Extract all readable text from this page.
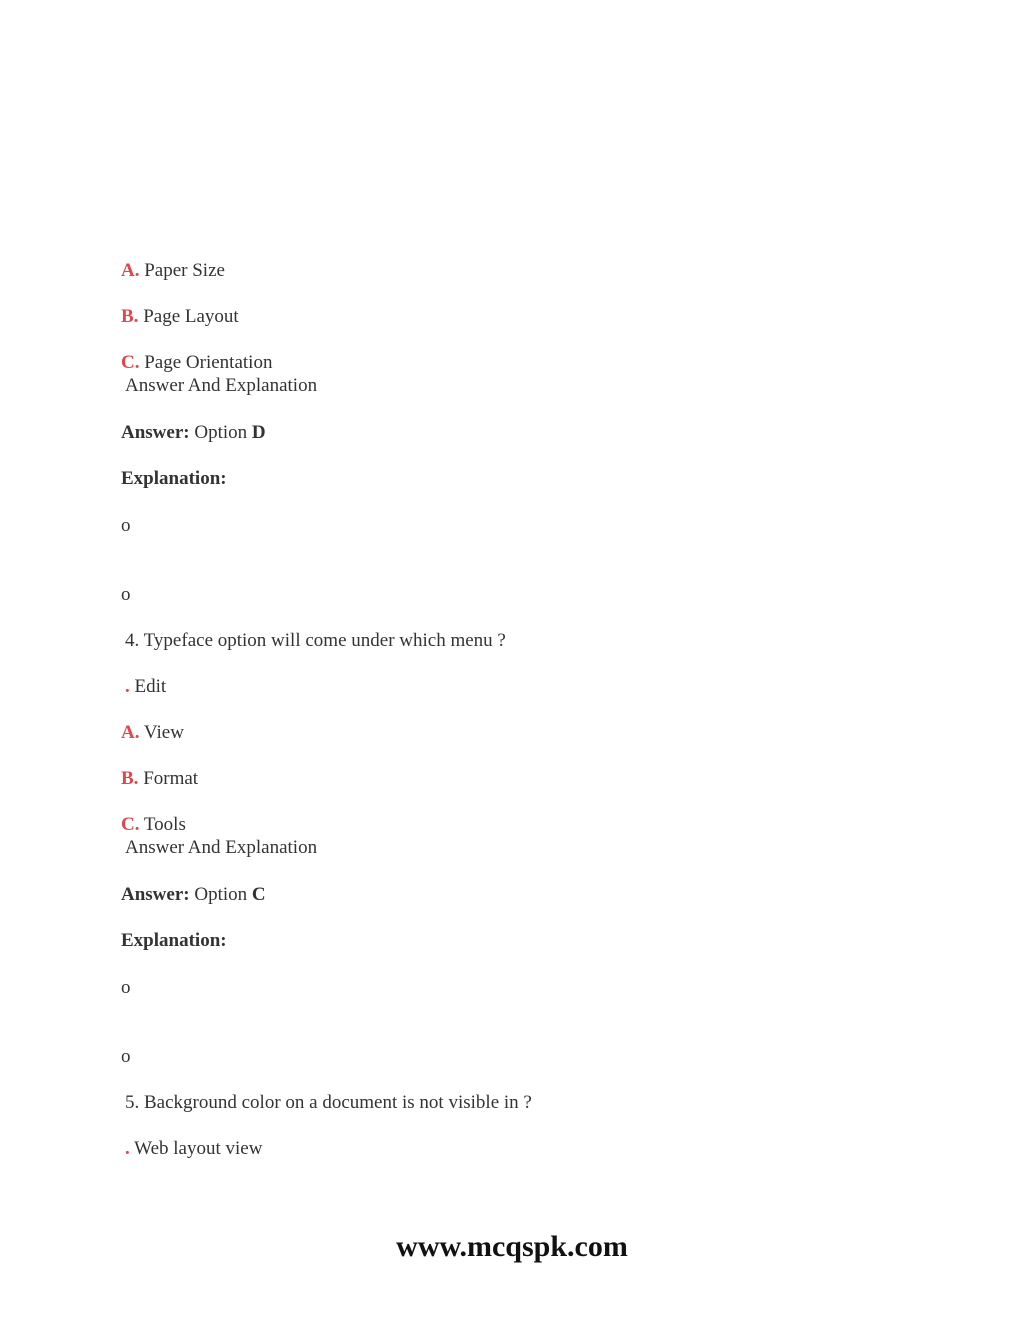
A. Paper Size
B. Page Layout
C. Page Orientation
Answer And Explanation
Answer: Option D
Explanation:
o
o
4. Typeface option will come under which menu ?
. Edit
A. View
B. Format
C. Tools
Answer And Explanation
Answer: Option C
Explanation:
o
o
5. Background color on a document is not visible in ?
. Web layout view
www.mcqspk.com
